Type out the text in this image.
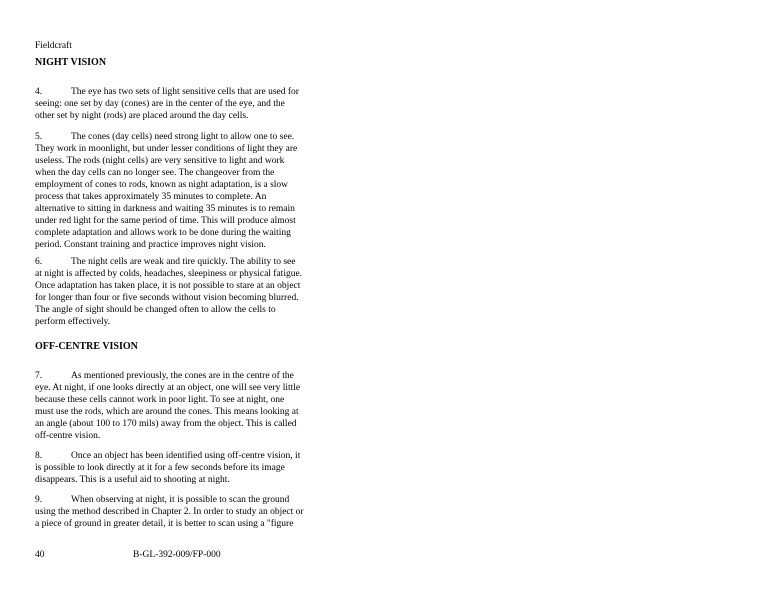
Fieldcraft
NIGHT VISION
4.	The eye has two sets of light sensitive cells that are used for
seeing: one set by day (cones) are in the center of the eye, and the
other set by night (rods) are placed around the day cells.
5.	The cones (day cells) need strong light to allow one to see.
They work in moonlight, but under lesser conditions of light they are
useless. The rods (night cells) are very sensitive to light and work
when the day cells can no longer see. The changeover from the
employment of cones to rods, known as night adaptation, is a slow
process that takes approximately 35 minutes to complete. An
alternative to sitting in darkness and waiting 35 minutes is to remain
under red light for the same period of time. This will produce almost
complete adaptation and allows work to be done during the waiting
period. Constant training and practice improves night vision.
6.	The night cells are weak and tire quickly. The ability to see
at night is affected by colds, headaches, sleepiness or physical fatigue.
Once adaptation has taken place, it is not possible to stare at an object
for longer than four or five seconds without vision becoming blurred.
The angle of sight should be changed often to allow the cells to
perform effectively.
OFF-CENTRE VISION
7.	As mentioned previously, the cones are in the centre of the
eye. At night, if one looks directly at an object, one will see very little
because these cells cannot work in poor light. To see at night, one
must use the rods, which are around the cones. This means looking at
an angle (about 100 to 170 mils) away from the object. This is called
off-centre vision.
8.	Once an object has been identified using off-centre vision, it
is possible to look directly at it for a few seconds before its image
disappears. This is a useful aid to shooting at night.
9.	When observing at night, it is possible to scan the ground
using the method described in Chapter 2. In order to study an object or
a piece of ground in greater detail, it is better to scan using a "figure
40	B-GL-392-009/FP-000
